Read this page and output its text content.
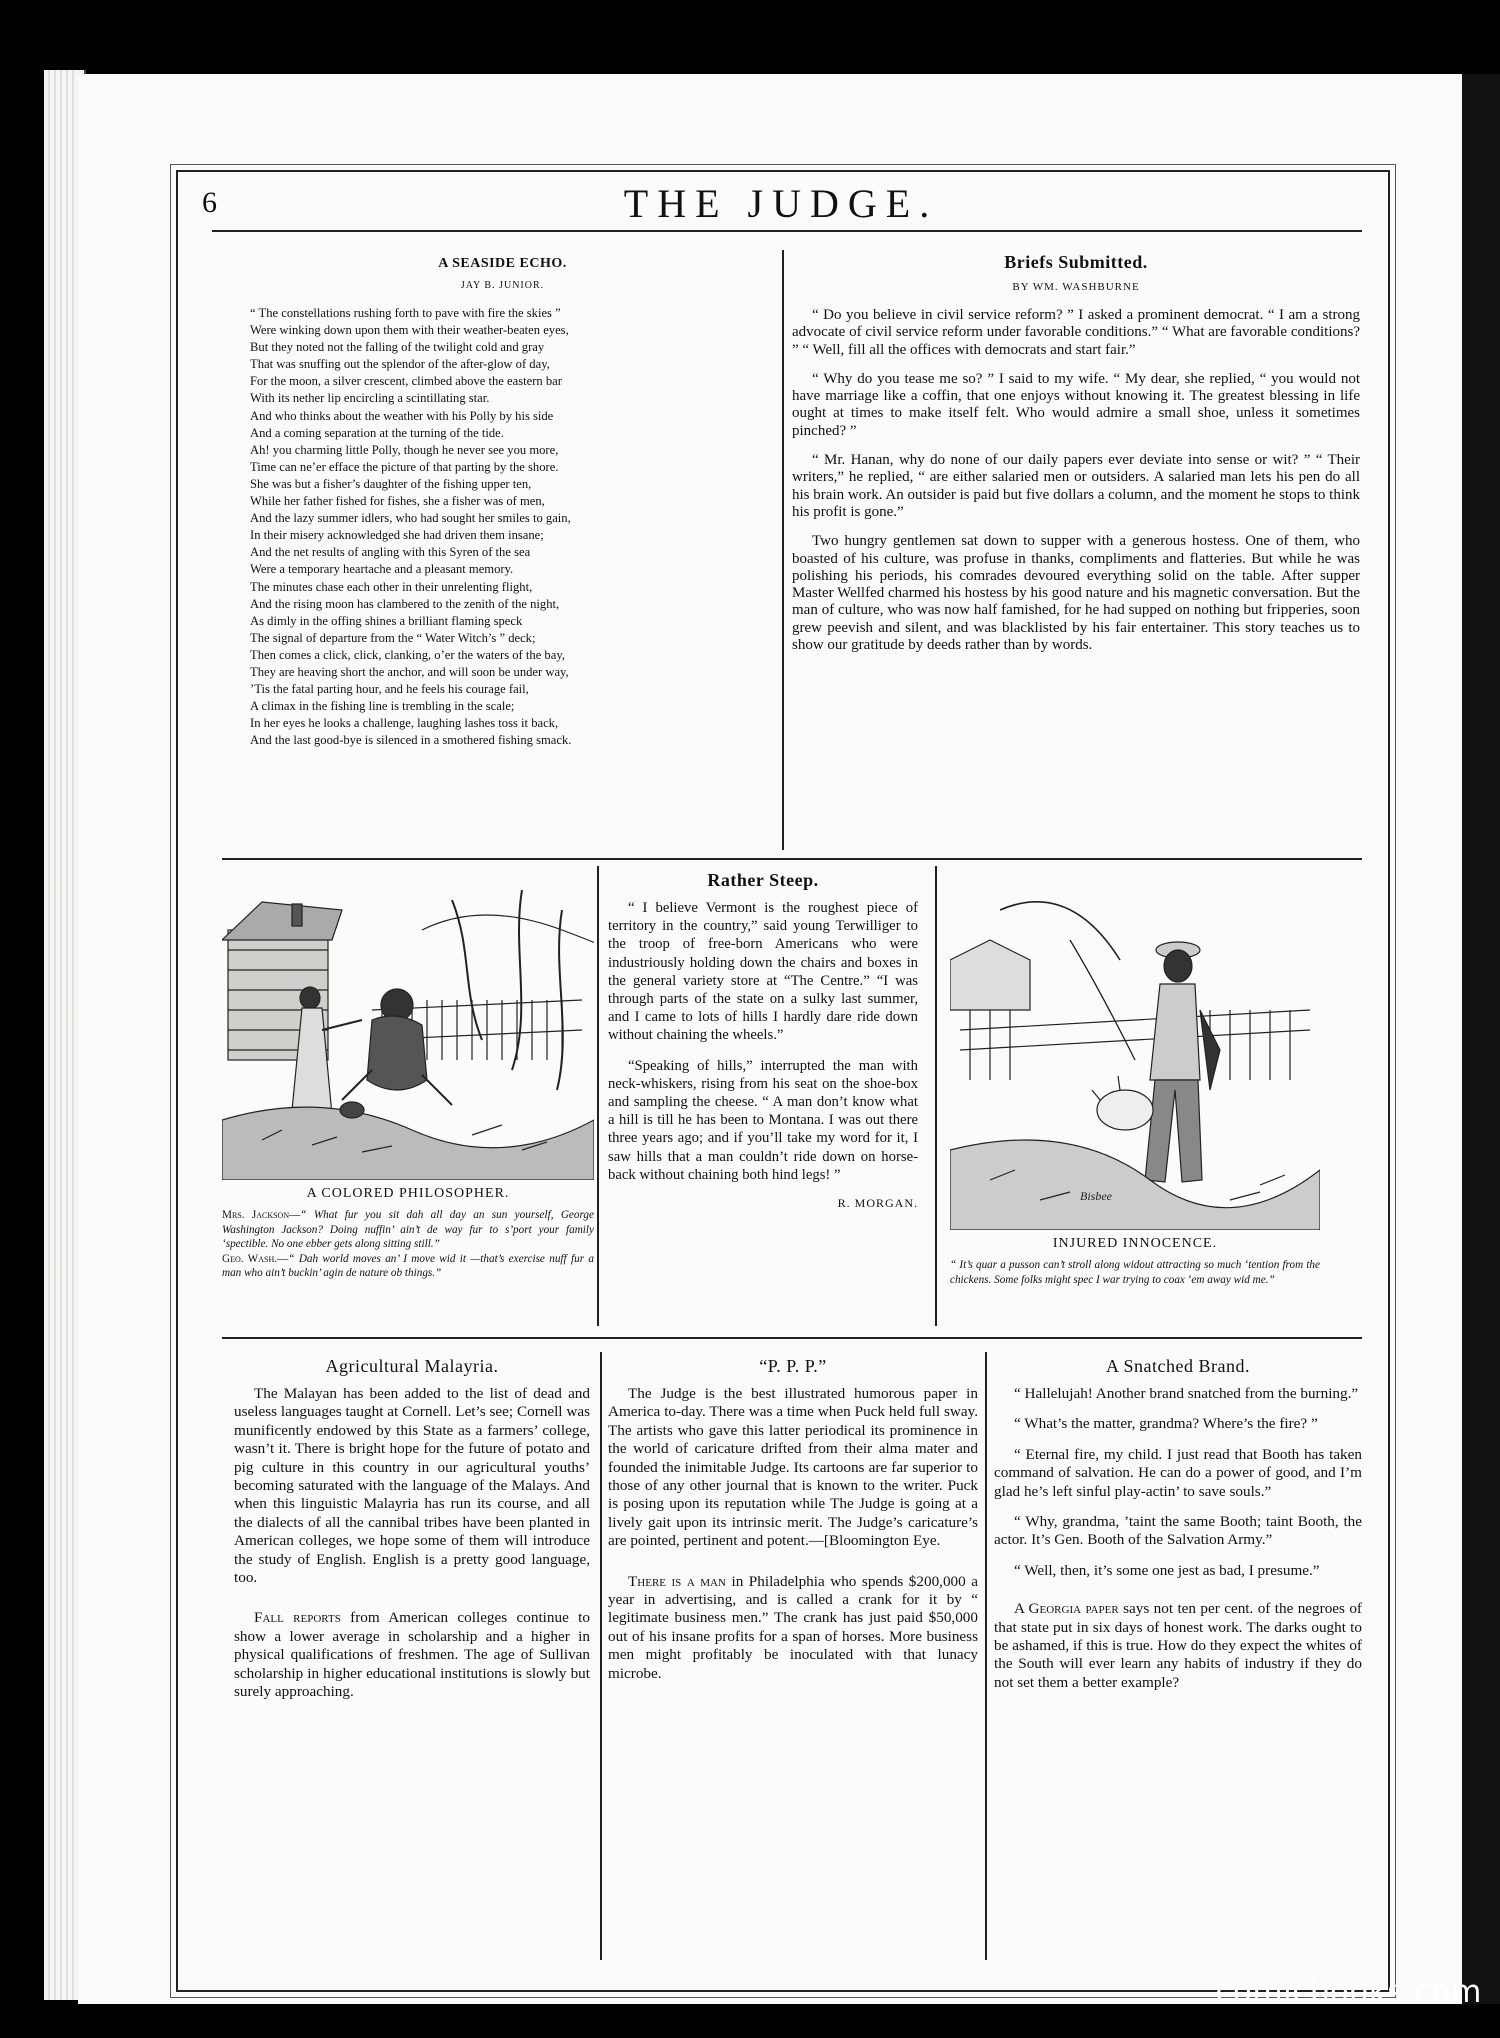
6	THE JUDGE.
A SEASIDE ECHO.
JAY B. JUNIOR.
“ The constellations rushing forth to pave with fire the skies ”
Were winking down upon them with their weather-beaten eyes,
But they noted not the falling of the twilight cold and gray
That was snuffing out the splendor of the after-glow of day,
For the moon, a silver crescent, climbed above the eastern bar
With its nether lip encircling a scintillating star.
And who thinks about the weather with his Polly by his side
And a coming separation at the turning of the tide.
Ah! you charming little Polly, though he never see you more,
Time can ne’er efface the picture of that parting by the shore.
She was but a fisher’s daughter of the fishing upper ten,
While her father fished for fishes, she a fisher was of men,
And the lazy summer idlers, who had sought her smiles to gain,
In their misery acknowledged she had driven them insane;
And the net results of angling with this Syren of the sea
Were a temporary heartache and a pleasant memory.
The minutes chase each other in their unrelenting flight,
And the rising moon has clambered to the zenith of the night,
As dimly in the offing shines a brilliant flaming speck
The signal of departure from the “ Water Witch’s ” deck;
Then comes a click, click, clanking, o’er the waters of the bay,
They are heaving short the anchor, and will soon be under way,
’Tis the fatal parting hour, and he feels his courage fail,
A climax in the fishing line is trembling in the scale;
In her eyes he looks a challenge, laughing lashes toss it back,
And the last good-bye is silenced in a smothered fishing smack.
Briefs Submitted.
BY WM. WASHBURNE

“ Do you believe in civil service reform? ” I asked a prominent democrat. “ I am a strong advocate of civil service reform under favorable conditions.” “ What are favorable conditions? ” “ Well, fill all the offices with democrats and start fair.”

“ Why do you tease me so? ” I said to my wife. “ My dear, she replied, “ you would not have marriage like a coffin, that one enjoys without knowing it. The greatest blessing in life ought at times to make itself felt. Who would admire a small shoe, unless it sometimes pinched? ”

“ Mr. Hanan, why do none of our daily papers ever deviate into sense or wit? ” “ Their writers,” he replied, “ are either salaried men or outsiders. A salaried man lets his pen do all his brain work. An outsider is paid but five dollars a column, and the moment he stops to think his profit is gone.”

Two hungry gentlemen sat down to supper with a generous hostess. One of them, who boasted of his culture, was profuse in thanks, compliments and flatteries. But while he was polishing his periods, his comrades devoured everything solid on the table. After supper Master Wellfed charmed his hostess by his good nature and his magnetic conversation. But the man of culture, who was now half famished, for he had supped on nothing but fripperies, soon grew peevish and silent, and was blacklisted by his fair entertainer. This story teaches us to show our gratitude by deeds rather than by words.

A COLORED PHILOSOPHER.
Mrs. Jackson—“ What fur you sit dah all day an sun yourself, George Washington Jackson? Doing nuffin’ ain’t de way fur to s’port your family ‘spectible. No one ebber gets along sitting still.”
Geo. Wash.—“ Dah world moves an’ I move wid it —that’s exercise nuff fur a man who ain’t buckin’ agin de nature ob things.”
Rather Steep.

“ I believe Vermont is the roughest piece of territory in the country,” said young Terwilliger to the troop of free-born Americans who were industriously holding down the chairs and boxes in the general variety store at “The Centre.” “I was through parts of the state on a sulky last summer, and I came to lots of hills I hardly dare ride down without chaining the wheels.”

“Speaking of hills,” interrupted the man with neck-whiskers, rising from his seat on the shoe-box and sampling the cheese. “ A man don’t know what a hill is till he has been to Montana. I was out there three years ago; and if you’ll take my word for it, I saw hills that a man couldn’t ride down on horse-back without chaining both hind legs! ”

R. MORGAN.
Bisbee
INJURED INNOCENCE.
“ It’s quar a pusson can’t stroll along widout attracting so much ‘tention from the chickens. Some folks might spec I war trying to coax ‘em away wid me.”
Agricultural Malayria.

The Malayan has been added to the list of dead and useless languages taught at Cornell. Let’s see; Cornell was munificently endowed by this State as a farmers’ college, wasn’t it. There is bright hope for the future of potato and pig culture in this country in our agricultural youths’ becoming saturated with the language of the Malays. And when this linguistic Malayria has run its course, and all the dialects of all the cannibal tribes have been planted in American colleges, we hope some of them will introduce the study of English. English is a pretty good language, too.

Fall reports from American colleges continue to show a lower average in scholarship and a higher in physical qualifications of freshmen. The age of Sullivan scholarship in higher educational institutions is slowly but surely approaching.

“P. P. P.”

The Judge is the best illustrated humorous paper in America to-day. There was a time when Puck held full sway. The artists who gave this latter periodical its prominence in the world of caricature drifted from their alma mater and founded the inimitable Judge. Its cartoons are far superior to those of any other journal that is known to the writer. Puck is posing upon its reputation while The Judge is going at a lively gait upon its intrinsic merit. The Judge’s caricature’s are pointed, pertinent and potent.—[Bloomington Eye.

There is a man in Philadelphia who spends $200,000 a year in advertising, and is called a crank for it by “ legitimate business men.” The crank has just paid $50,000 out of his insane profits for a span of horses. More business men might profitably be inoculated with that lunacy microbe.

A Snatched Brand.

“ Hallelujah! Another brand snatched from the burning.”

“ What’s the matter, grandma? Where’s the fire? ”

“ Eternal fire, my child. I just read that Booth has taken command of salvation. He can do a power of good, and I’m glad he’s left sinful play-actin’ to save souls.”

“ Why, grandma, ’taint the same Booth; taint Booth, the actor. It’s Gen. Booth of the Salvation Army.”

“ Well, then, it’s some one jest as bad, I presume.”

A Georgia paper says not ten per cent. of the negroes of that state put in six days of honest work. The darks ought to be ashamed, if this is true. How do they expect the whites of the South will ever learn any habits of industry if they do not set them a better example?

comicbooks.com
